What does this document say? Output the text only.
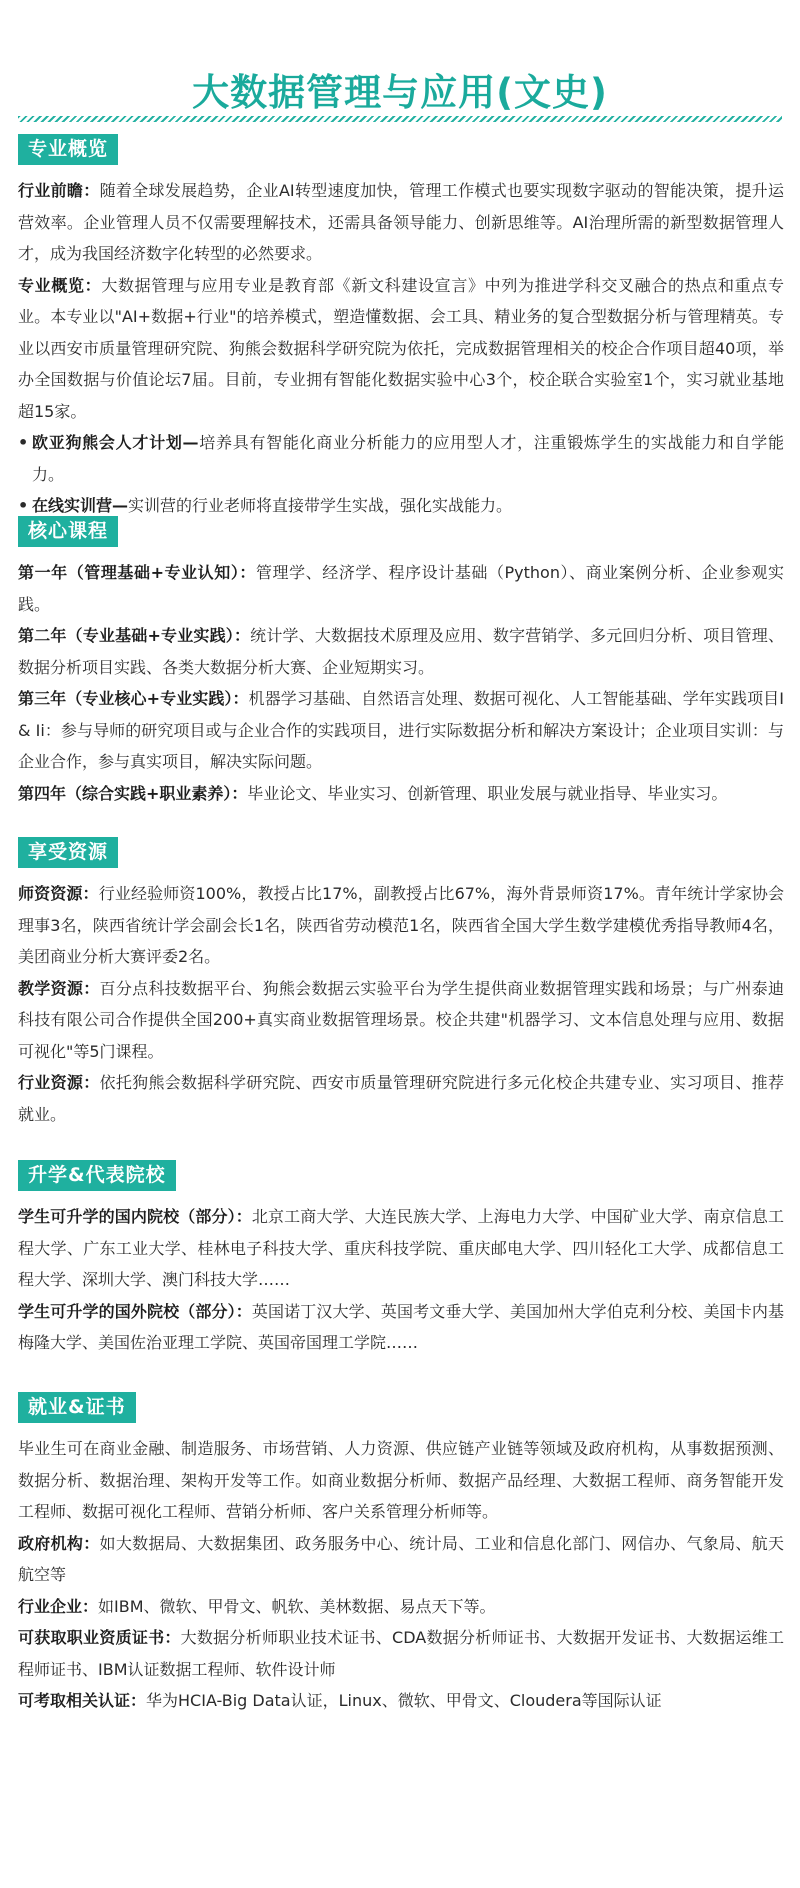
大数据管理与应用(文史)
专业概览

行业前瞻：随着全球发展趋势，企业AI转型速度加快，管理工作模式也要实现数字驱动的智能决策，提升运营效率。企业管理人员不仅需要理解技术，还需具备领导能力、创新思维等。AI治理所需的新型数据管理人才，成为我国经济数字化转型的必然要求。

专业概览：大数据管理与应用专业是教育部《新文科建设宣言》中列为推进学科交叉融合的热点和重点专业。本专业以"AI+数据+行业"的培养模式，塑造懂数据、会工具、精业务的复合型数据分析与管理精英。专业以西安市质量管理研究院、狗熊会数据科学研究院为依托，完成数据管理相关的校企合作项目超40项，举办全国数据与价值论坛7届。目前，专业拥有智能化数据实验中心3个，校企联合实验室1个，实习就业基地超15家。

• 欧亚狗熊会人才计划—培养具有智能化商业分析能力的应用型人才，注重锻炼学生的实战能力和自学能力。

• 在线实训营—实训营的行业老师将直接带学生实战，强化实战能力。

核心课程

第一年（管理基础+专业认知）：管理学、经济学、程序设计基础（Python）、商业案例分析、企业参观实践。

第二年（专业基础+专业实践）：统计学、大数据技术原理及应用、数字营销学、多元回归分析、项目管理、数据分析项目实践、各类大数据分析大赛、企业短期实习。

第三年（专业核心+专业实践）：机器学习基础、自然语言处理、数据可视化、人工智能基础、学年实践项目I & Ii：参与导师的研究项目或与企业合作的实践项目，进行实际数据分析和解决方案设计；企业项目实训：与企业合作，参与真实项目，解决实际问题。

第四年（综合实践+职业素养）：毕业论文、毕业实习、创新管理、职业发展与就业指导、毕业实习。

享受资源

师资资源：行业经验师资100%，教授占比17%，副教授占比67%，海外背景师资17%。青年统计学家协会理事3名，陕西省统计学会副会长1名，陕西省劳动模范1名，陕西省全国大学生数学建模优秀指导教师4名，美团商业分析大赛评委2名。

教学资源：百分点科技数据平台、狗熊会数据云实验平台为学生提供商业数据管理实践和场景；与广州泰迪科技有限公司合作提供全国200+真实商业数据管理场景。校企共建"机器学习、文本信息处理与应用、数据可视化"等5门课程。

行业资源：依托狗熊会数据科学研究院、西安市质量管理研究院进行多元化校企共建专业、实习项目、推荐就业。

升学&代表院校

学生可升学的国内院校（部分）：北京工商大学、大连民族大学、上海电力大学、中国矿业大学、南京信息工程大学、广东工业大学、桂林电子科技大学、重庆科技学院、重庆邮电大学、四川轻化工大学、成都信息工程大学、深圳大学、澳门科技大学……

学生可升学的国外院校（部分）：英国诺丁汉大学、英国考文垂大学、美国加州大学伯克利分校、美国卡内基梅隆大学、美国佐治亚理工学院、英国帝国理工学院……

就业&证书

毕业生可在商业金融、制造服务、市场营销、人力资源、供应链产业链等领域及政府机构，从事数据预测、数据分析、数据治理、架构开发等工作。如商业数据分析师、数据产品经理、大数据工程师、商务智能开发工程师、数据可视化工程师、营销分析师、客户关系管理分析师等。

政府机构：如大数据局、大数据集团、政务服务中心、统计局、工业和信息化部门、网信办、气象局、航天航空等

行业企业：如IBM、微软、甲骨文、帆软、美林数据、易点天下等。

可获取职业资质证书：大数据分析师职业技术证书、CDA数据分析师证书、大数据开发证书、大数据运维工程师证书、IBM认证数据工程师、软件设计师

可考取相关认证：华为HCIA-Big Data认证，Linux、微软、甲骨文、Cloudera等国际认证
